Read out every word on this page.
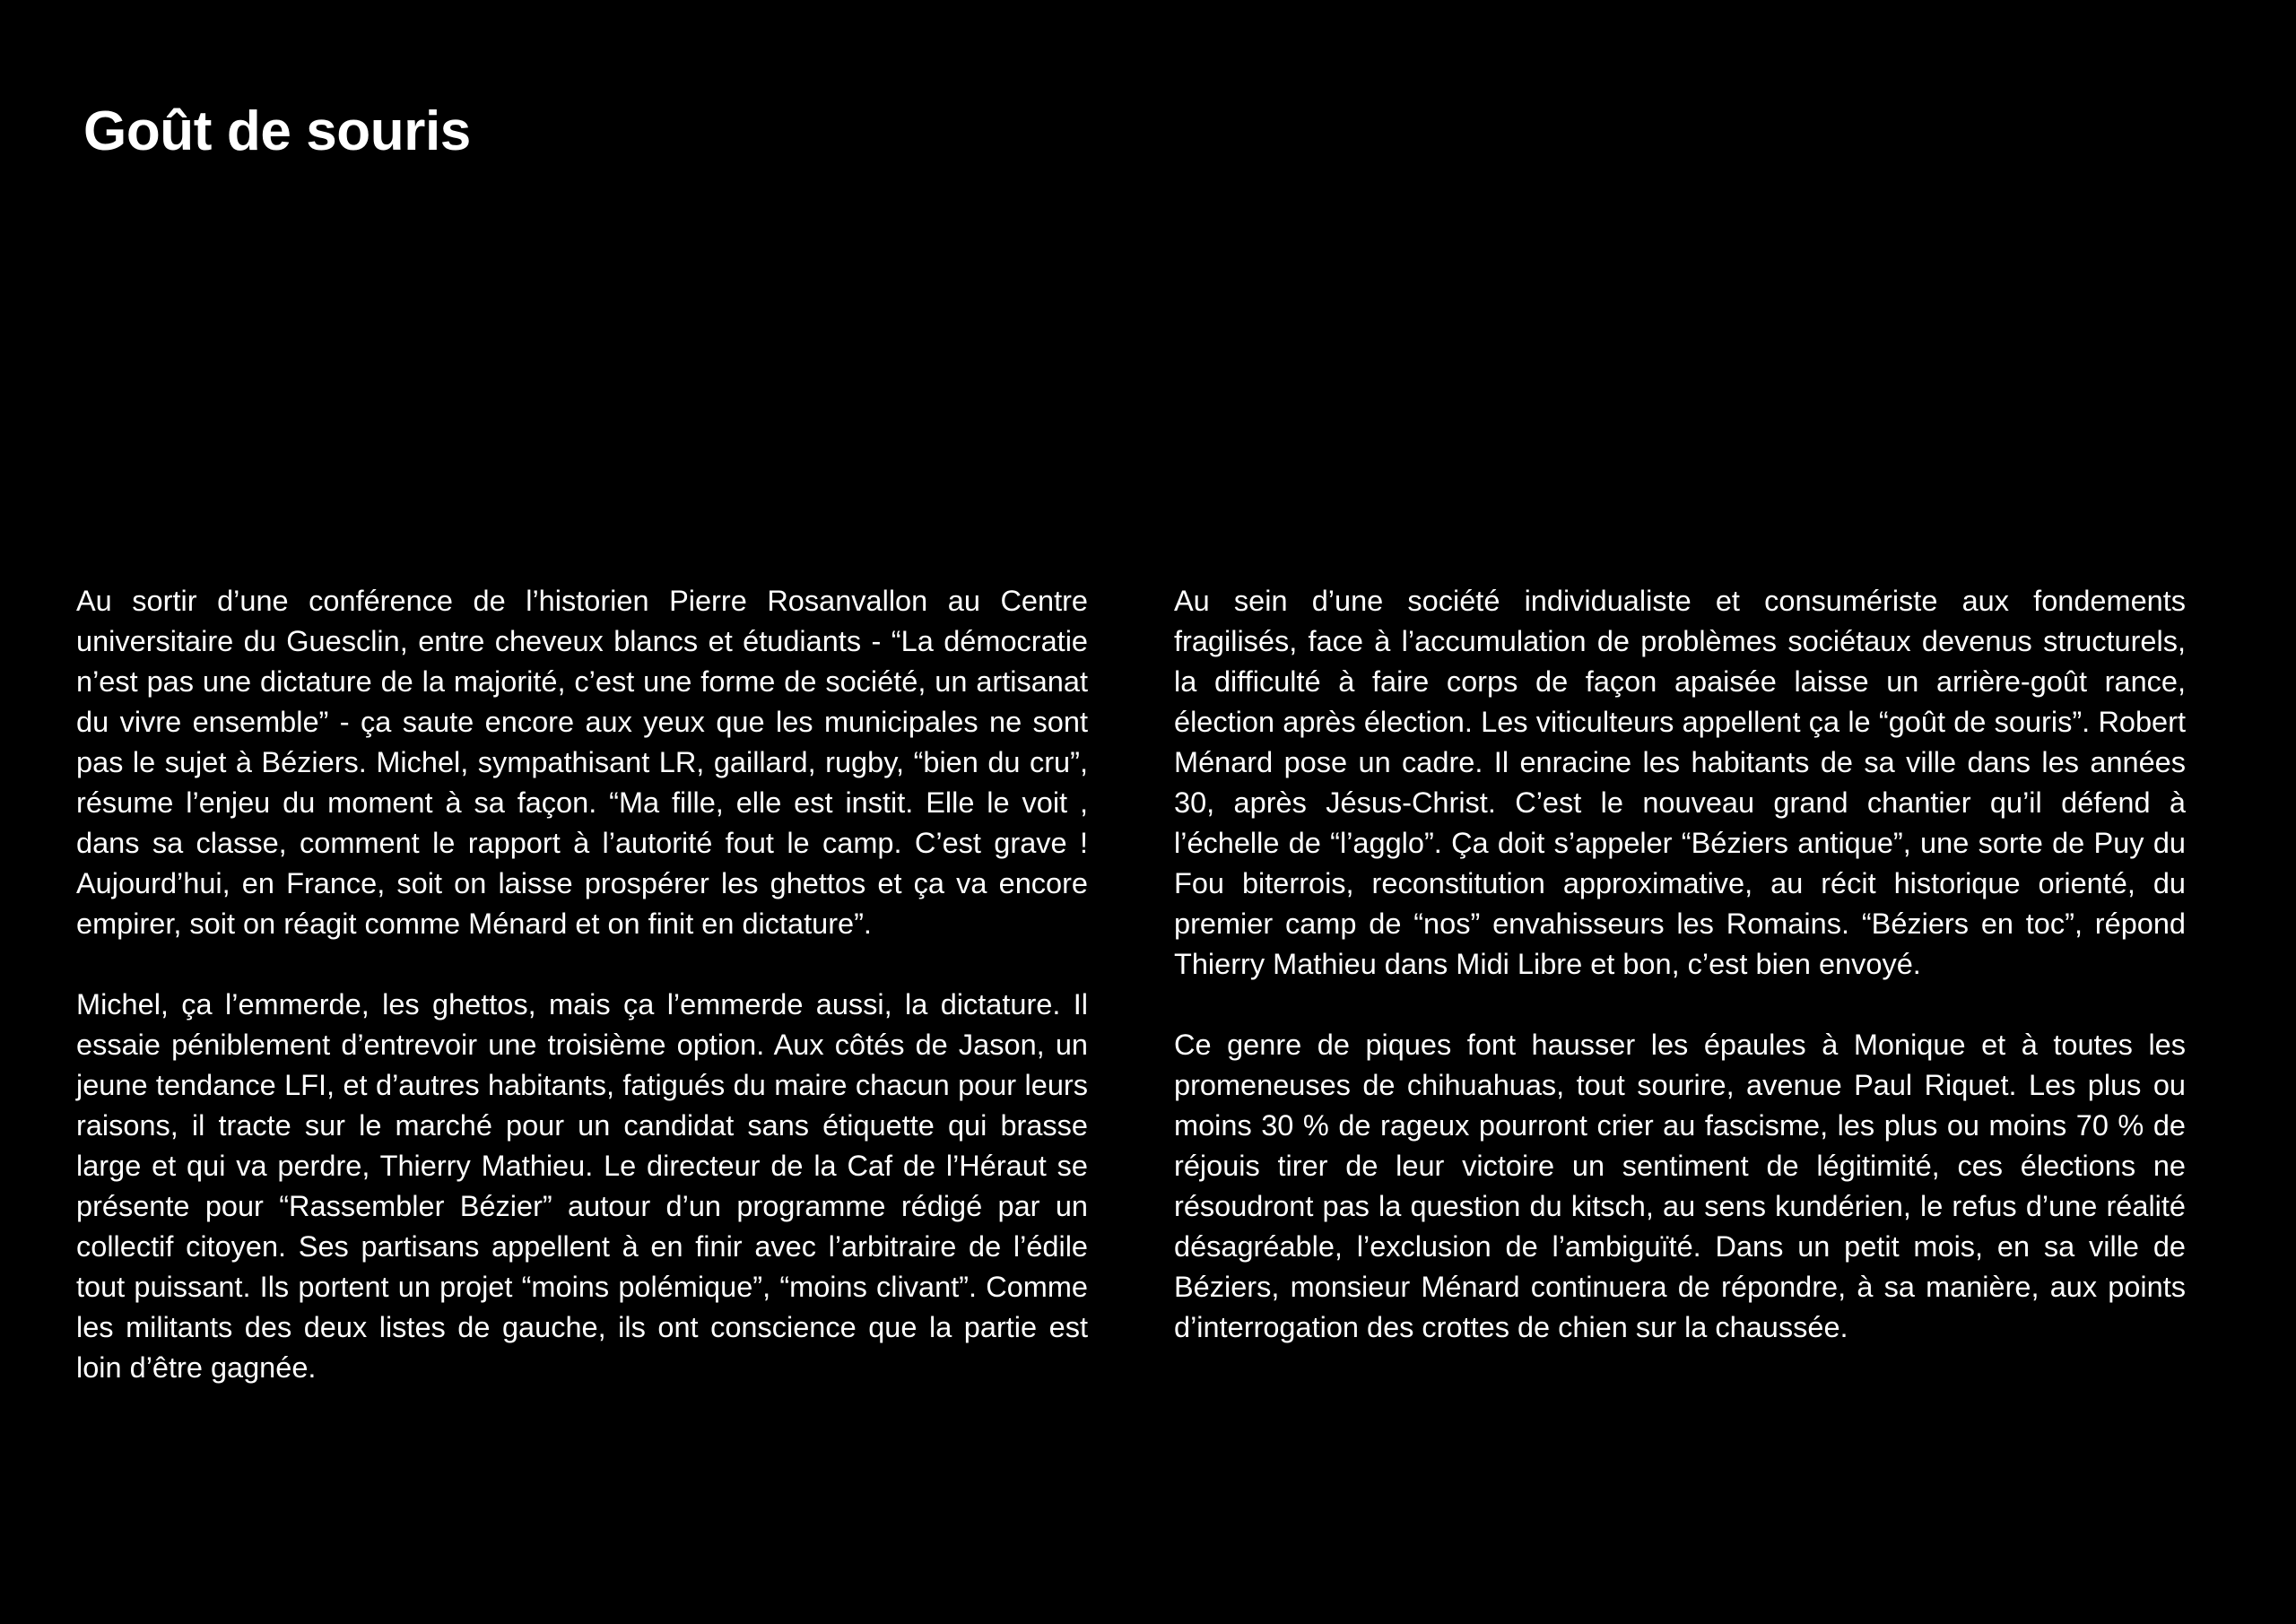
Goût de souris

Au sortir d’une conférence de l’historien Pierre Rosanvallon au Centre universitaire du Guesclin, entre cheveux blancs et étudiants - “La démocratie n’est pas une dictature de la majorité, c’est une forme de société, un artisanat du vivre ensemble” - ça saute encore aux yeux que les municipales ne sont pas le sujet à Béziers. Michel, sympathisant LR, gaillard, rugby, “bien du cru”, résume l’enjeu du moment à sa façon. “Ma fille, elle est instit. Elle le voit , dans sa classe, comment le rapport à l’autorité fout le camp. C’est grave ! Aujourd’hui, en France, soit on laisse prospérer les ghettos et ça va encore empirer, soit on réagit comme Ménard et on finit en dictature”.

Michel, ça l’emmerde, les ghettos, mais ça l’emmerde aussi, la dictature. Il essaie péniblement d’entrevoir une troisième option. Aux côtés de Jason, un jeune tendance LFI, et d’autres habitants, fatigués du maire chacun pour leurs raisons, il tracte sur le marché pour un candidat sans étiquette qui brasse large et qui va perdre, Thierry Mathieu. Le directeur de la Caf de l’Héraut se présente pour “Rassembler Bézier” autour d’un programme rédigé par un collectif citoyen. Ses partisans appellent à en finir avec l’arbitraire de l’édile tout puissant. Ils portent un projet “moins polémique”, “moins clivant”. Comme les militants des deux listes de gauche, ils ont conscience que la partie est loin d’être gagnée.

Au sein d’une société individualiste et consumériste aux fondements fragilisés, face à l’accumulation de problèmes sociétaux devenus structurels, la difficulté à faire corps de façon apaisée laisse un arrière-goût rance, élection après élection. Les viticulteurs appellent ça le “goût de souris”. Robert Ménard pose un cadre. Il enracine les habitants de sa ville dans les années 30, après Jésus-Christ. C’est le nouveau grand chantier qu’il défend à l’échelle de “l’agglo”. Ça doit s’appeler “Béziers antique”, une sorte de Puy du Fou biterrois, reconstitution approximative, au récit historique orienté, du premier camp de “nos” envahisseurs les Romains. “Béziers en toc”, répond Thierry Mathieu dans Midi Libre et bon, c’est bien envoyé.

Ce genre de piques font hausser les épaules à Monique et à toutes les promeneuses de chihuahuas, tout sourire, avenue Paul Riquet. Les plus ou moins 30 % de rageux pourront crier au fascisme, les plus ou moins 70 % de réjouis tirer de leur victoire un sentiment de légitimité, ces élections ne résoudront pas la question du kitsch, au sens kundérien, le refus d’une réalité désagréable, l’exclusion de l’ambiguïté. Dans un petit mois, en sa ville de Béziers, monsieur Ménard continuera de répondre, à sa manière, aux points d’interrogation des crottes de chien sur la chaussée.
